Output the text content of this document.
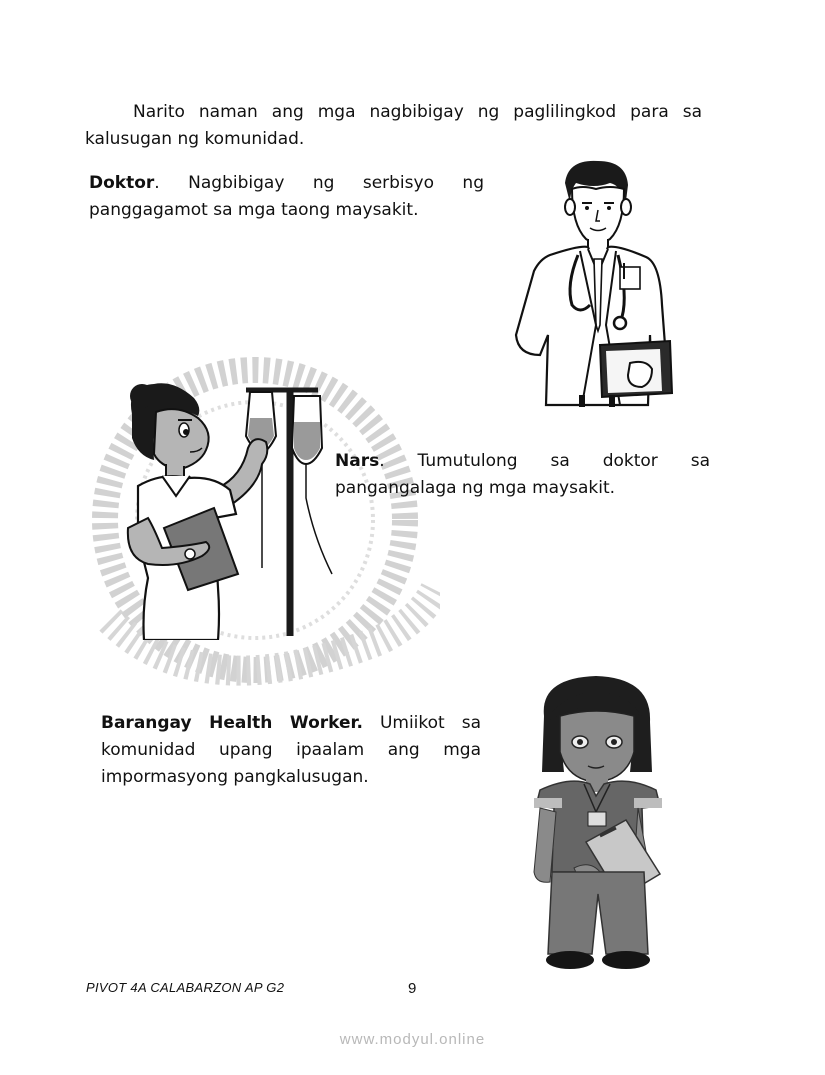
Narito naman ang mga nagbibigay ng paglilingkod para sa kalusugan ng komunidad.
Doktor. Nagbibigay ng serbisyo ng panggagamot sa mga taong maysakit.
Nars. Tumutulong sa doktor sa pangangalaga ng mga maysakit.
Barangay Health Worker. Umiikot sa komunidad upang ipaalam ang mga impormasyong pangkalusugan.
PIVOT 4A CALABARZON AP G2	9
www.modyul.online
